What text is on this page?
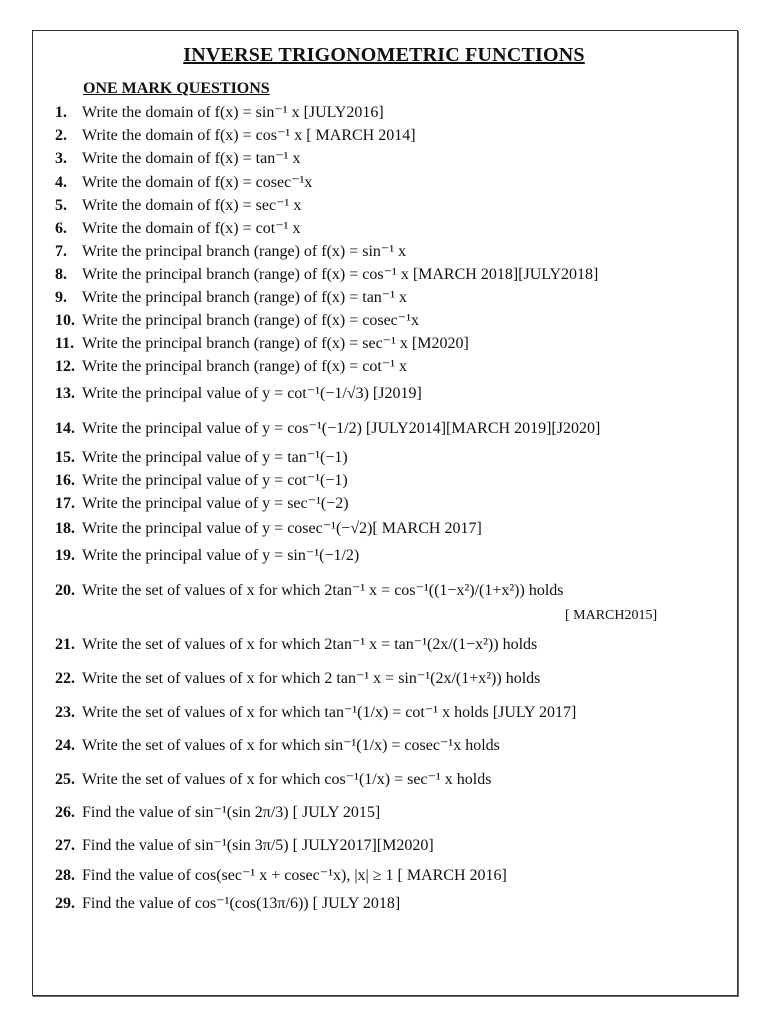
INVERSE TRIGONOMETRIC FUNCTIONS
ONE MARK QUESTIONS
1. Write the domain of f(x) = sin⁻¹ x [JULY2016]
2. Write the domain of f(x) = cos⁻¹ x [ MARCH 2014]
3. Write the domain of f(x) = tan⁻¹ x
4. Write the domain of f(x) = cosec⁻¹x
5. Write the domain of f(x) = sec⁻¹ x
6. Write the domain of f(x) = cot⁻¹ x
7. Write the principal branch (range) of f(x) = sin⁻¹ x
8. Write the principal branch (range) of f(x) = cos⁻¹ x [MARCH 2018][JULY2018]
9. Write the principal branch (range) of f(x) = tan⁻¹ x
10. Write the principal branch (range) of f(x) = cosec⁻¹x
11. Write the principal branch (range) of f(x) = sec⁻¹ x [M2020]
12. Write the principal branch (range) of f(x) = cot⁻¹ x
13. Write the principal value of y = cot⁻¹(−1/√3) [J2019]
14. Write the principal value of y = cos⁻¹(−1/2) [JULY2014][MARCH 2019][J2020]
15. Write the principal value of y = tan⁻¹(−1)
16. Write the principal value of y = cot⁻¹(−1)
17. Write the principal value of y = sec⁻¹(−2)
18. Write the principal value of y = cosec⁻¹(−√2)[ MARCH 2017]
19. Write the principal value of y = sin⁻¹(−1/2)
20. Write the set of values of x for which 2tan⁻¹ x = cos⁻¹((1−x²)/(1+x²)) holds
21. Write the set of values of x for which 2tan⁻¹ x = tan⁻¹(2x/(1−x²)) holds
22. Write the set of values of x for which 2 tan⁻¹ x = sin⁻¹(2x/(1+x²)) holds
23. Write the set of values of x for which tan⁻¹(1/x) = cot⁻¹ x holds [JULY 2017]
24. Write the set of values of x for which sin⁻¹(1/x) = cosec⁻¹x holds
25. Write the set of values of x for which cos⁻¹(1/x) = sec⁻¹ x holds
26. Find the value of sin⁻¹(sin 2π/3) [ JULY 2015]
27. Find the value of sin⁻¹(sin 3π/5) [ JULY2017][M2020]
28. Find the value of cos(sec⁻¹ x + cosec⁻¹x), |x| ≥ 1 [ MARCH 2016]
29. Find the value of cos⁻¹(cos(13π/6)) [ JULY 2018]
[ MARCH2015]
